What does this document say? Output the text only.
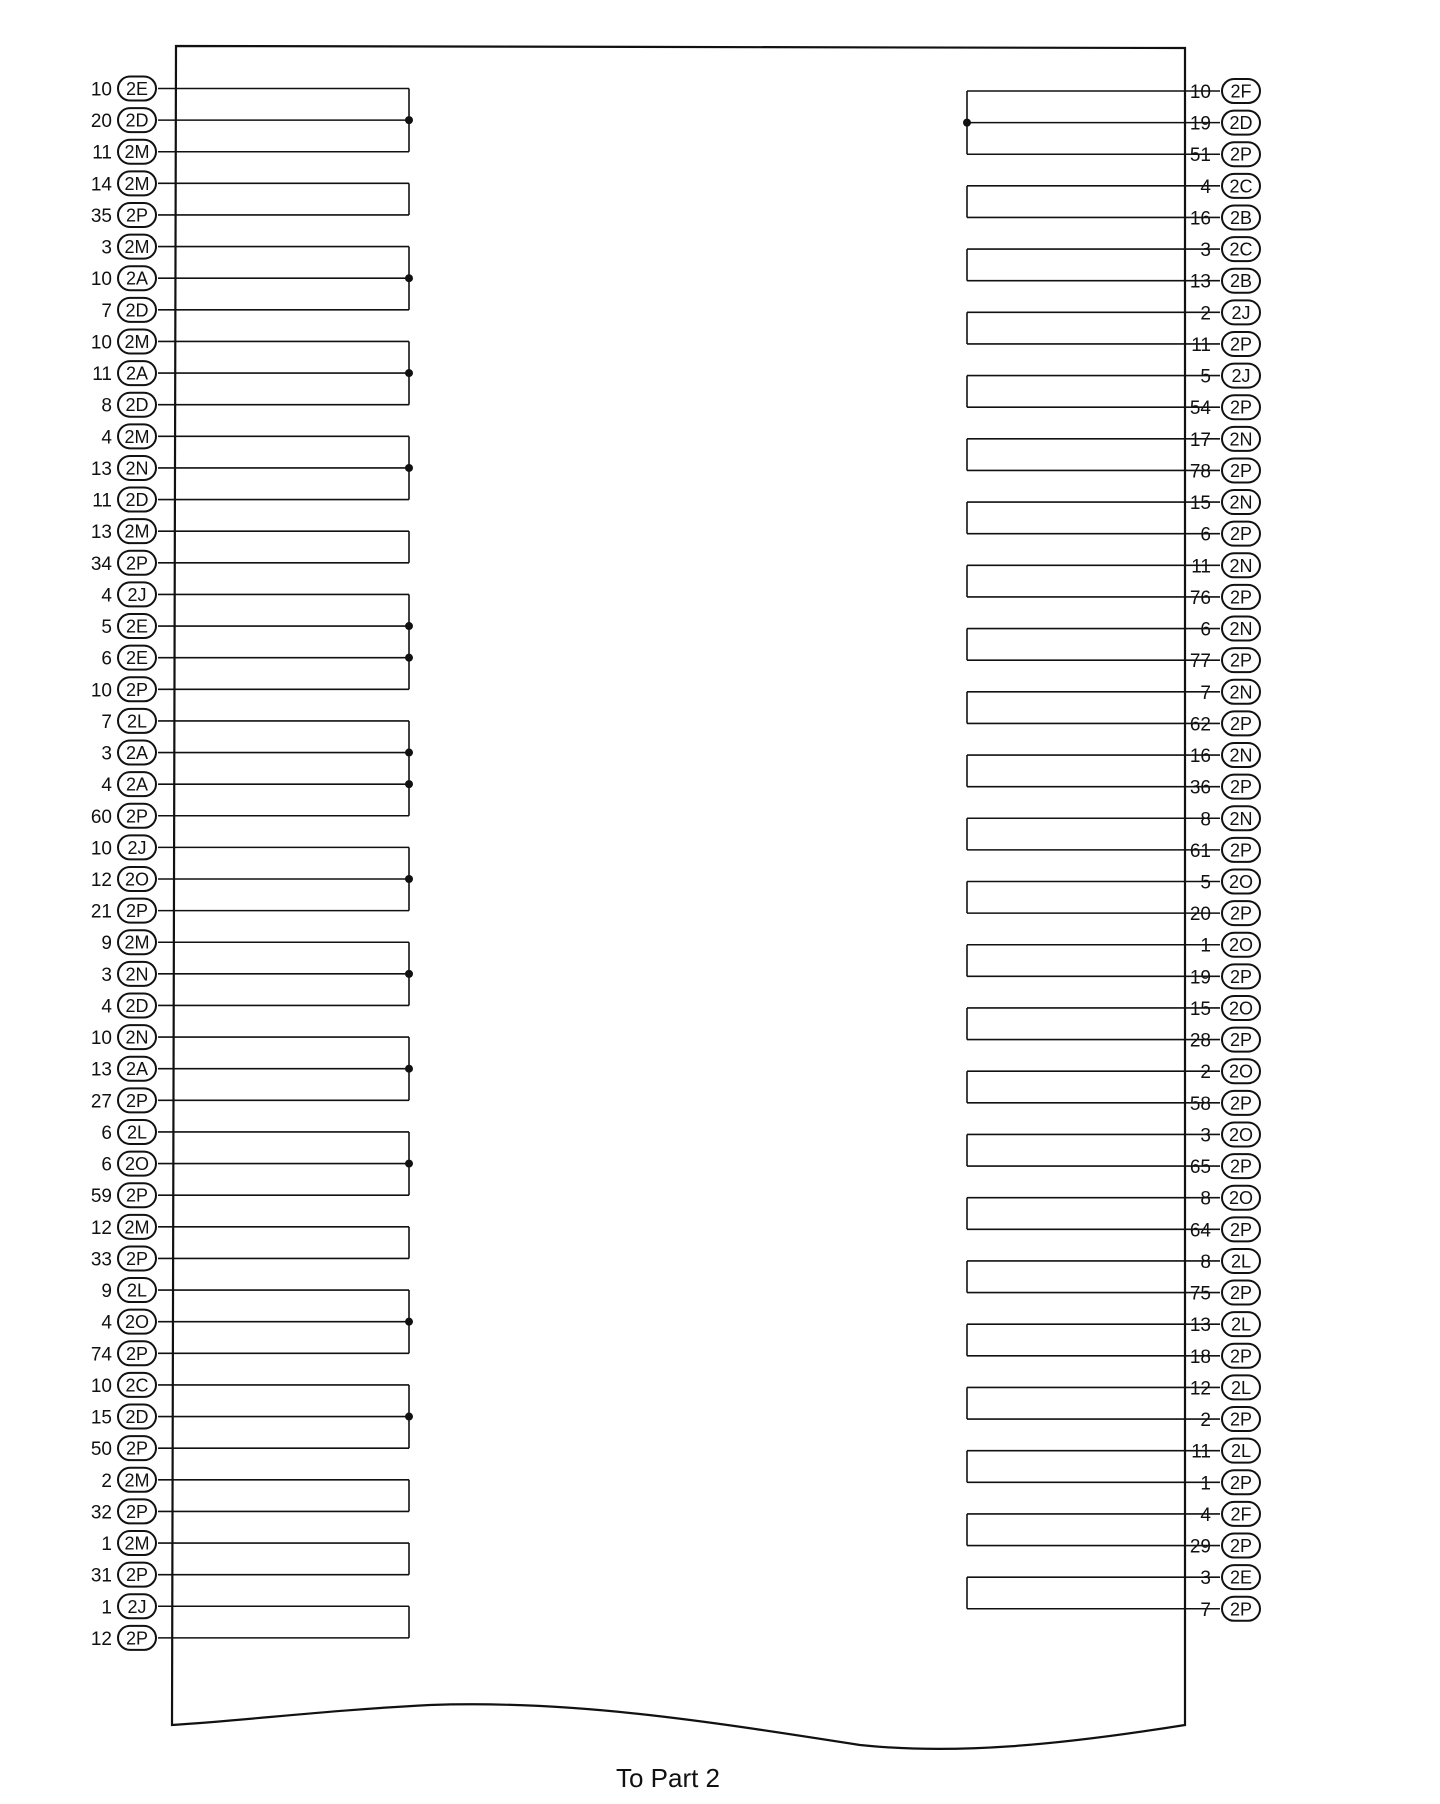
10 2E
20 2D
11 2M
14 2M
35 2P
3 2M
10 2A
7 2D
10 2M
11 2A
8 2D
4 2M
13 2N
11 2D
13 2M
34 2P
4 2J
5 2E
6 2E
10 2P
7 2L
3 2A
4 2A
60 2P
10 2J
12 2O
21 2P
9 2M
3 2N
4 2D
10 2N
13 2A
27 2P
6 2L
6 2O
59 2P
12 2M
33 2P
9 2L
4 2O
74 2P
10 2C
15 2D
50 2P
2 2M
32 2P
1 2M
31 2P
1 2J
12 2P
10 2F
19 2D
51 2P
4 2C
16 2B
3 2C
13 2B
2 2J
11 2P
5 2J
54 2P
17 2N
78 2P
15 2N
6 2P
11 2N
76 2P
6 2N
77 2P
7 2N
62 2P
16 2N
36 2P
8 2N
61 2P
5 2O
20 2P
1 2O
19 2P
15 2O
28 2P
2 2O
58 2P
3 2O
65 2P
8 2O
64 2P
8 2L
75 2P
13 2L
18 2P
12 2L
2 2P
11 2L
1 2P
4 2F
29 2P
3 2E
7 2P
To Part 2
